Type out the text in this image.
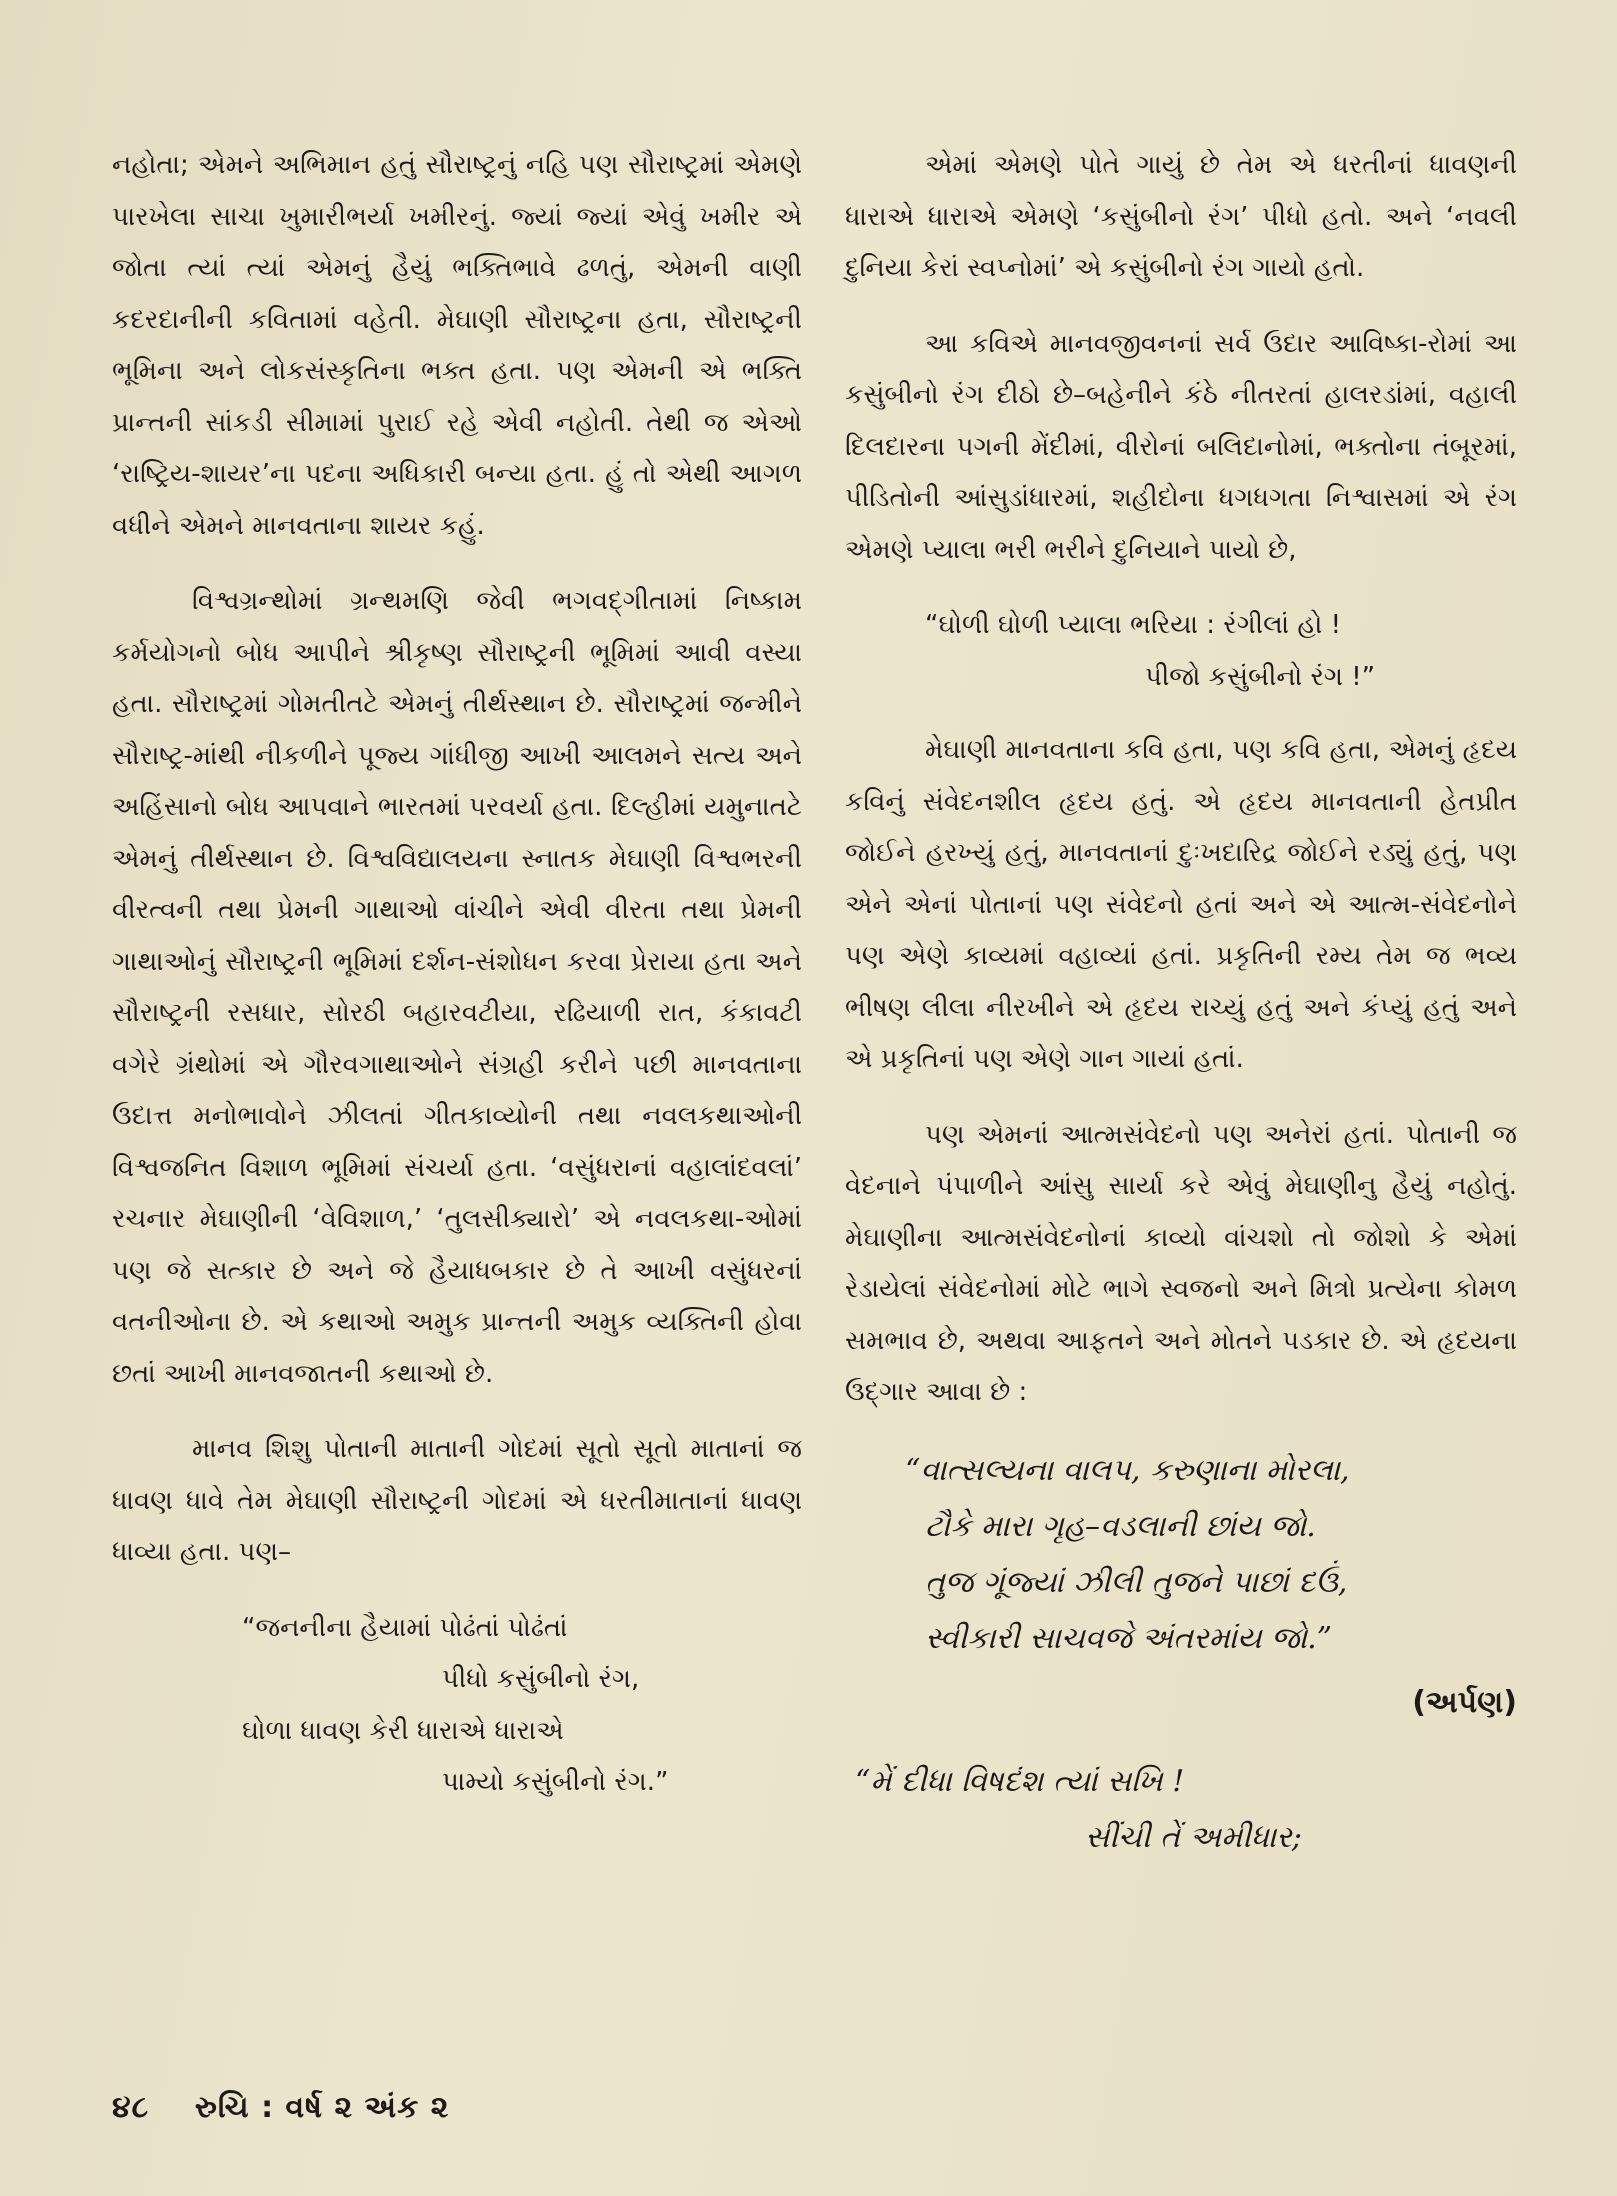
નહોતા; એમને અભિમાન હતું સૌરાષ્ટ્રનું નહિ પણ સૌરાષ્ટ્રમાં એમણે પારખેલા સાચા ખુમારીભર્યા ખમીરનું. જ્યાં જ્યાં એવું ખમીર એ જોતા ત્યાં ત્યાં એમનું હૈયું ભક્તિભાવે ઢળતું, એમની વાણી કદરદાનીની કવિતામાં વહેતી. મેઘાણી સૌરાષ્ટ્રના હતા, સૌરાષ્ટ્રની ભૂમિના અને લોકસંસ્કૃતિના ભક્ત હતા. પણ એમની એ ભક્તિ પ્રાન્તની સાંકડી સીમામાં પુરાઈ રહે એવી નહોતી. તેથી જ એઓ ‘રાષ્ટ્રિય-શાયર’ના પદના અધિકારી બન્યા હતા. હું તો એથી આગળ વધીને એમને માનવતાના શાયર કહું.

વિશ્વગ્રન્થોમાં ગ્રન્થમણિ જેવી ભગવદ્ગીતામાં નિષ્કામ કર્મયોગનો બોધ આપીને શ્રીકૃષ્ણ સૌરાષ્ટ્રની ભૂમિમાં આવી વસ્યા હતા. સૌરાષ્ટ્રમાં ગોમતીતટે એમનું તીર્થસ્થાન છે. સૌરાષ્ટ્રમાં જન્મીને સૌરાષ્ટ્ર-માંથી નીકળીને પૂજ્ય ગાંધીજી આખી આલમને સત્ય અને અહિંસાનો બોધ આપવાને ભારતમાં પરવર્યા હતા. દિલ્હીમાં યમુનાતટે એમનું તીર્થસ્થાન છે. વિશ્વવિદ્યાલયના સ્નાતક મેઘાણી વિશ્વભરની વીરત્વની તથા પ્રેમની ગાથાઓ વાંચીને એવી વીરતા તથા પ્રેમની ગાથાઓનું સૌરાષ્ટ્રની ભૂમિમાં દર્શન-સંશોધન કરવા પ્રેરાયા હતા અને સૌરાષ્ટ્રની રસધાર, સોરઠી બહારવટીયા, રઢિયાળી રાત, કંકાવટી વગેરે ગ્રંથોમાં એ ગૌરવગાથાઓને સંગ્રહી કરીને પછી માનવતાના ઉદાત્ત મનોભાવોને ઝીલતાં ગીતકાવ્યોની તથા નવલકથાઓની વિશ્વજનિત વિશાળ ભૂમિમાં સંચર્યા હતા. ‘વસુંધરાનાં વહાલાંદવલાં’ રચનાર મેઘાણીની ‘વેવિશાળ,’ ‘તુલસીક્યારો’ એ નવલકથા-ઓમાં પણ જે સત્કાર છે અને જે હૈયાધબકાર છે તે આખી વસુંધરનાં વતનીઓના છે. એ કથાઓ અમુક પ્રાન્તની અમુક વ્યક્તિની હોવા છતાં આખી માનવજાતની કથાઓ છે.

માનવ શિશુ પોતાની માતાની ગોદમાં સૂતો સૂતો માતાનાં જ ધાવણ ધાવે તેમ મેઘાણી સૌરાષ્ટ્રની ગોદમાં એ ધરતીમાતાનાં ધાવણ ધાવ્યા હતા. પણ–

“જનનીના હૈયામાં પોઢંતાં પોઢંતાં
પીધો કસુંબીનો રંગ,
ઘોળા ધાવણ કેરી ધારાએ ધારાએ
પામ્યો કસુંબીનો રંગ.”

એમાં એમણે પોતે ગાયું છે તેમ એ ધરતીનાં ધાવણની ધારાએ ધારાએ એમણે ‘કસુંબીનો રંગ’ પીધો હતો. અને ‘નવલી દુનિયા કેરાં સ્વપ્નોમાં’ એ કસુંબીનો રંગ ગાયો હતો.

આ કવિએ માનવજીવનનાં સર્વ ઉદાર આવિષ્કા-રોમાં આ કસુંબીનો રંગ દીઠો છે–બહેનીને કંઠે નીતરતાં હાલરડાંમાં, વહાલી દિલદારના પગની મેંદીમાં, વીરોનાં બલિદાનોમાં, ભક્તોના તંબૂરમાં, પીડિતોની આંસુડાંધારમાં, શહીદોના ધગધગતા નિશ્વાસમાં એ રંગ એમણે પ્યાલા ભરી ભરીને દુનિયાને પાયો છે,

“ઘોળી ઘોળી પ્યાલા ભરિયા : રંગીલાં હો !
પીજો કસુંબીનો રંગ !”

મેઘાણી માનવતાના કવિ હતા, પણ કવિ હતા, એમનું હૃદય કવિનું સંવેદનશીલ હૃદય હતું. એ હૃદય માનવતાની હેતપ્રીત જોઈને હરખ્યું હતું, માનવતાનાં દુઃખદારિદ્ર જોઈને રડ્યું હતું, પણ એને એનાં પોતાનાં પણ સંવેદનો હતાં અને એ આત્મ-સંવેદનોને પણ એણે કાવ્યમાં વહાવ્યાં હતાં. પ્રકૃતિની રમ્ય તેમ જ ભવ્ય ભીષણ લીલા નીરખીને એ હૃદય રાચ્યું હતું અને કંપ્યું હતું અને એ પ્રકૃતિનાં પણ એણે ગાન ગાયાં હતાં.

પણ એમનાં આત્મસંવેદનો પણ અનેરાં હતાં. પોતાની જ વેદનાને પંપાળીને આંસુ સાર્યા કરે એવું મેઘાણીનુ હૈયું નહોતું. મેઘાણીના આત્મસંવેદનોનાં કાવ્યો વાંચશો તો જોશો કે એમાં રેડાયેલાં સંવેદનોમાં મોટે ભાગે સ્વજનો અને મિત્રો પ્રત્યેના કોમળ સમભાવ છે, અથવા આફતને અને મોતને પડકાર છે. એ હૃદયના ઉદ્ગાર આવા છે :

“વાત્સલ્યના વાલપ, કરુણાના મોરલા,
ટૌકે મારા ગૃહ–વડલાની છાંય જો.
તુજ ગૂંજ્યાં ઝીલી તુજને પાછાં દઉં,
સ્વીકારી સાચવજે અંતરમાંય જો.”
(અર્પણ)
“મેં દીધા વિષદંશ ત્યાં સખિ !
સીંચી તેં અમીધાર;
૪૮ રુચિ : વર્ષ ૨ અંક ૨
